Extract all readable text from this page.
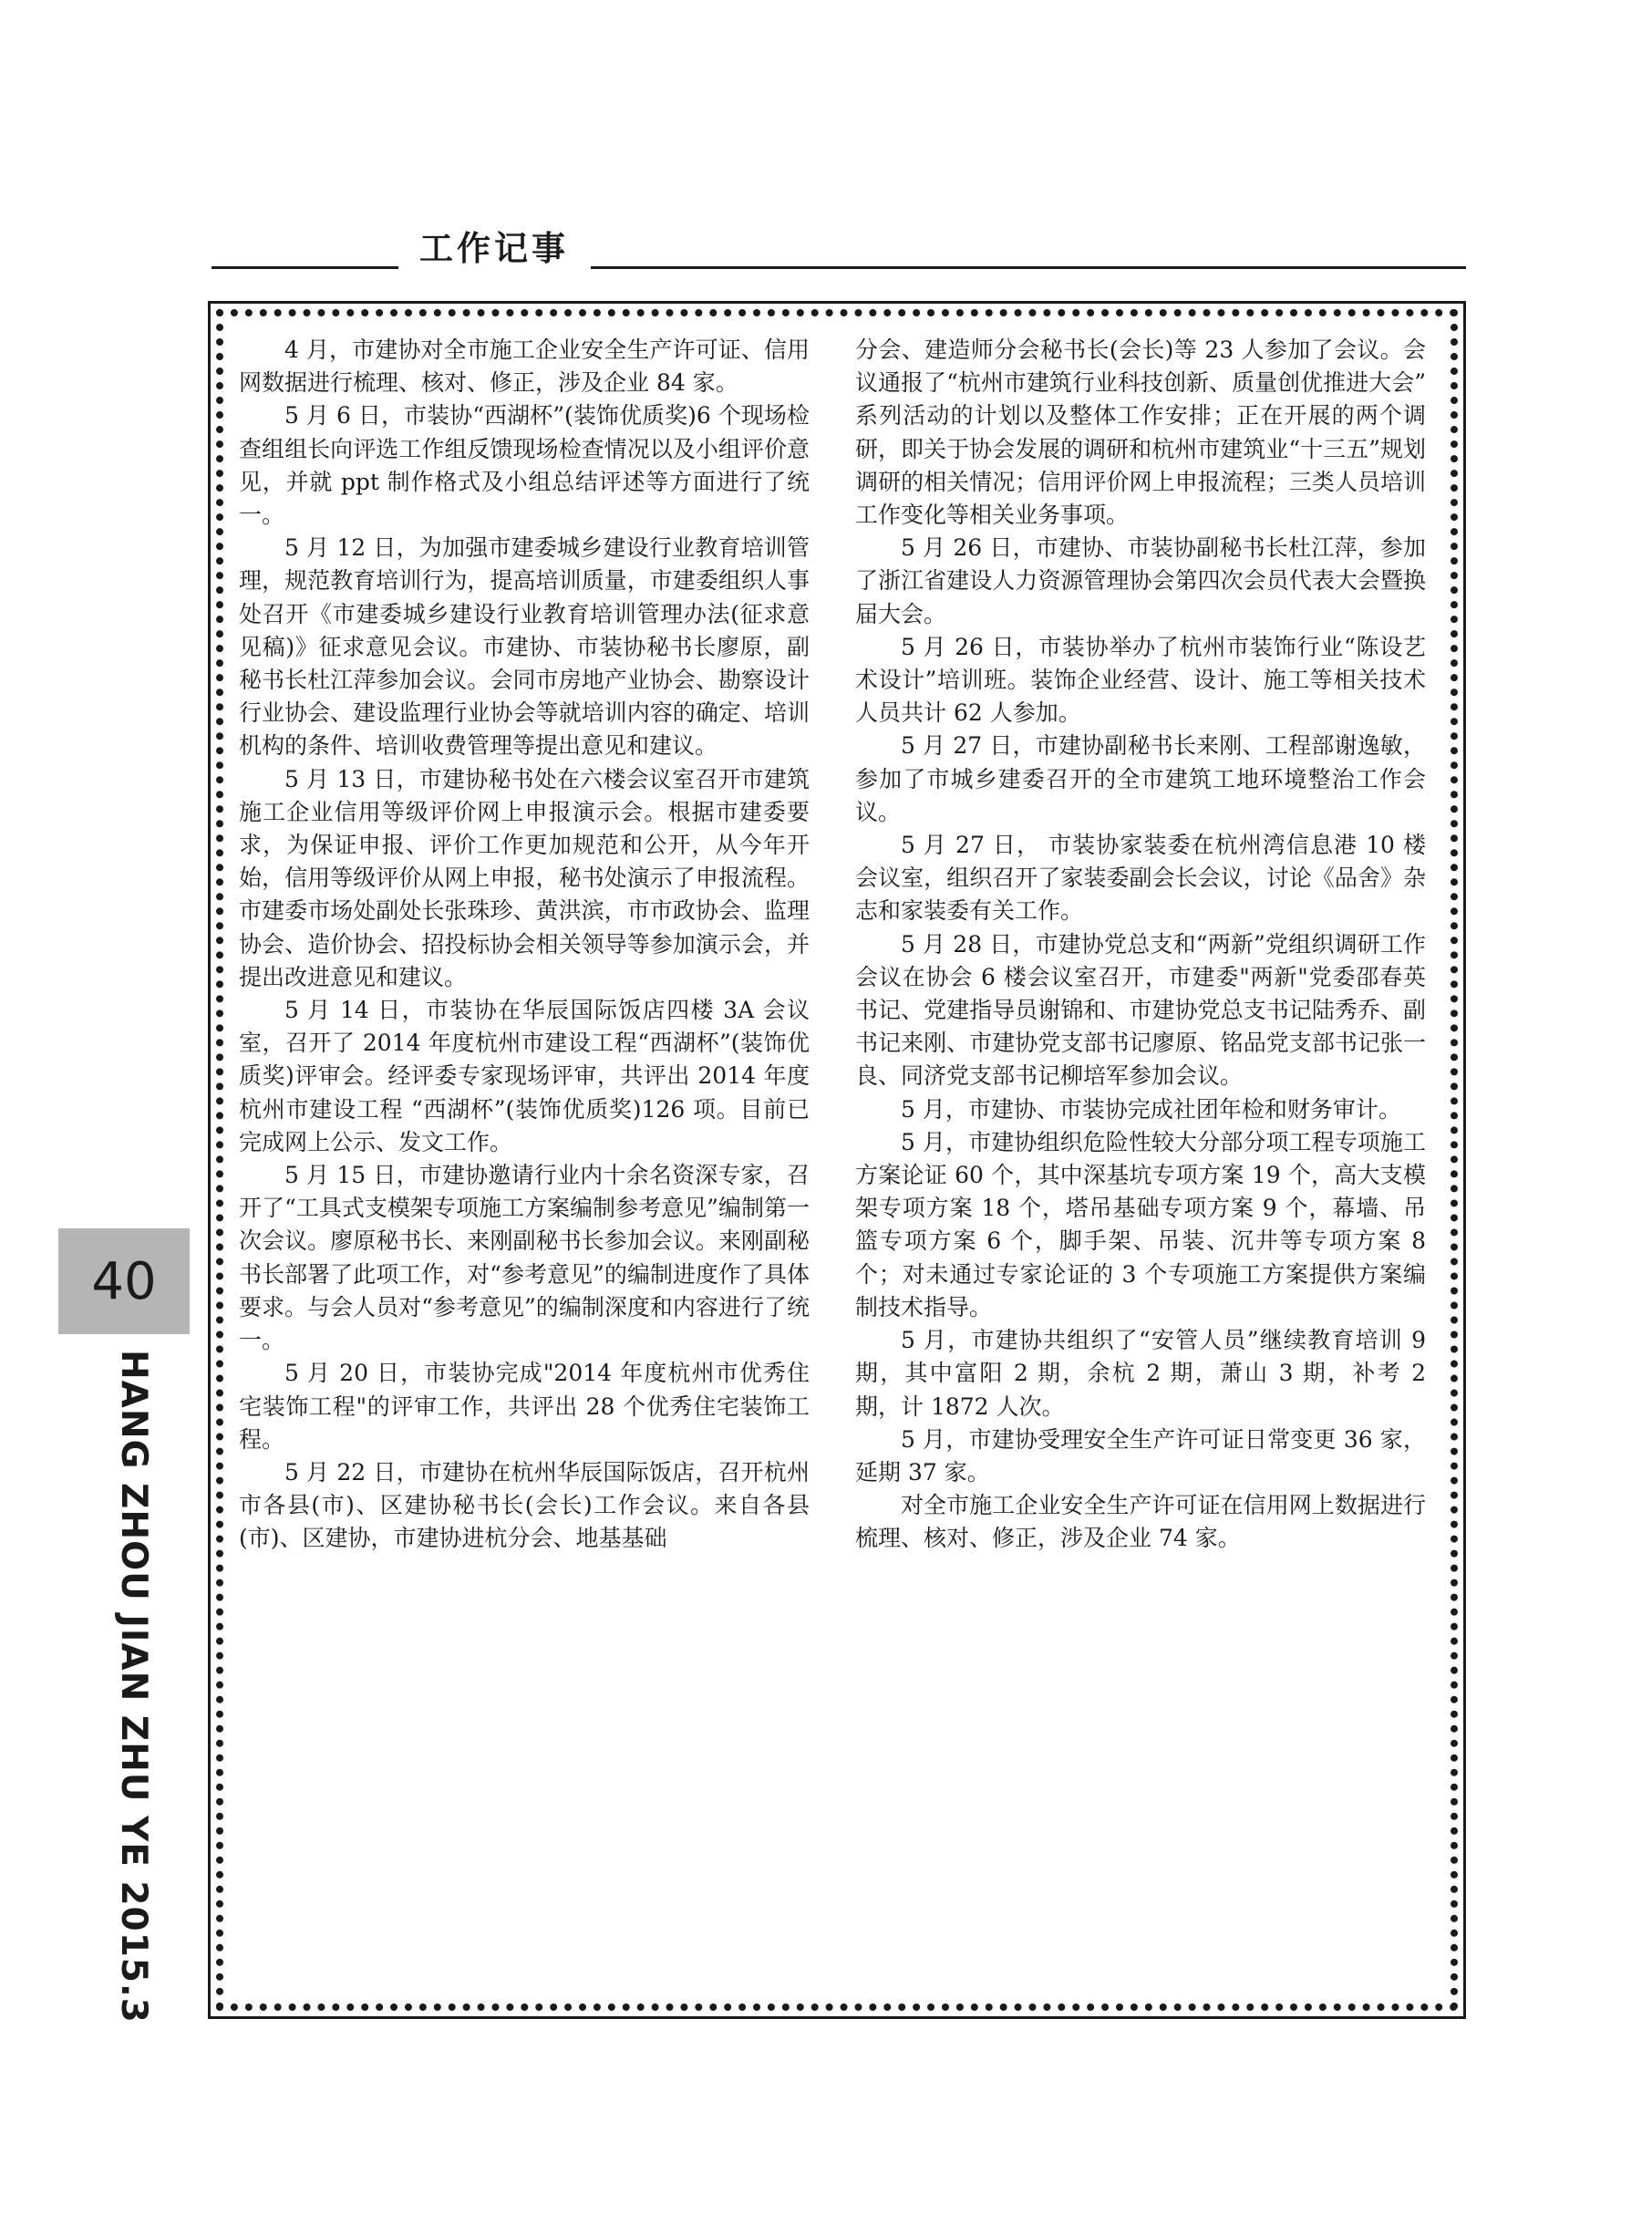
工作记事

4 月，市建协对全市施工企业安全生产许可证、信用网数据进行梳理、核对、修正，涉及企业 84 家。

5 月 6 日，市装协“西湖杯”(装饰优质奖)6 个现场检查组组长向评选工作组反馈现场检查情况以及小组评价意见，并就 ppt 制作格式及小组总结评述等方面进行了统一。

5 月 12 日，为加强市建委城乡建设行业教育培训管理，规范教育培训行为，提高培训质量，市建委组织人事处召开《市建委城乡建设行业教育培训管理办法(征求意见稿)》征求意见会议。市建协、市装协秘书长廖原，副秘书长杜江萍参加会议。会同市房地产业协会、勘察设计行业协会、建设监理行业协会等就培训内容的确定、培训机构的条件、培训收费管理等提出意见和建议。

5 月 13 日，市建协秘书处在六楼会议室召开市建筑施工企业信用等级评价网上申报演示会。根据市建委要求，为保证申报、评价工作更加规范和公开，从今年开始，信用等级评价从网上申报，秘书处演示了申报流程。市建委市场处副处长张珠珍、黄洪滨，市市政协会、监理协会、造价协会、招投标协会相关领导等参加演示会，并提出改进意见和建议。

5 月 14 日，市装协在华辰国际饭店四楼 3A 会议室，召开了 2014 年度杭州市建设工程“西湖杯”(装饰优质奖)评审会。经评委专家现场评审，共评出 2014 年度杭州市建设工程 “西湖杯”(装饰优质奖)126 项。目前已完成网上公示、发文工作。

5 月 15 日，市建协邀请行业内十余名资深专家，召开了“工具式支模架专项施工方案编制参考意见”编制第一次会议。廖原秘书长、来刚副秘书长参加会议。来刚副秘书长部署了此项工作，对“参考意见”的编制进度作了具体要求。与会人员对“参考意见”的编制深度和内容进行了统一。

5 月 20 日，市装协完成"2014 年度杭州市优秀住宅装饰工程"的评审工作，共评出 28 个优秀住宅装饰工程。

5 月 22 日，市建协在杭州华辰国际饭店，召开杭州市各县(市)、区建协秘书长(会长)工作会议。来自各县(市)、区建协，市建协进杭分会、地基基础

分会、建造师分会秘书长(会长)等 23 人参加了会议。会议通报了“杭州市建筑行业科技创新、质量创优推进大会” 系列活动的计划以及整体工作安排；正在开展的两个调研，即关于协会发展的调研和杭州市建筑业“十三五”规划调研的相关情况；信用评价网上申报流程；三类人员培训工作变化等相关业务事项。

5 月 26 日，市建协、市装协副秘书长杜江萍，参加了浙江省建设人力资源管理协会第四次会员代表大会暨换届大会。

5 月 26 日，市装协举办了杭州市装饰行业“陈设艺术设计”培训班。装饰企业经营、设计、施工等相关技术人员共计 62 人参加。

5 月 27 日，市建协副秘书长来刚、工程部谢逸敏，参加了市城乡建委召开的全市建筑工地环境整治工作会议。

5 月 27 日， 市装协家装委在杭州湾信息港 10 楼会议室，组织召开了家装委副会长会议，讨论《品舍》杂志和家装委有关工作。

5 月 28 日，市建协党总支和“两新”党组织调研工作会议在协会 6 楼会议室召开，市建委"两新"党委邵春英书记、党建指导员谢锦和、市建协党总支书记陆秀乔、副书记来刚、市建协党支部书记廖原、铭品党支部书记张一良、同济党支部书记柳培军参加会议。

5 月，市建协、市装协完成社团年检和财务审计。

5 月，市建协组织危险性较大分部分项工程专项施工方案论证 60 个，其中深基坑专项方案 19 个，高大支模架专项方案 18 个，塔吊基础专项方案 9 个，幕墙、吊篮专项方案 6 个，脚手架、吊装、沉井等专项方案 8 个；对未通过专家论证的 3 个专项施工方案提供方案编制技术指导。

5 月，市建协共组织了“安管人员”继续教育培训 9 期，其中富阳 2 期，余杭 2 期，萧山 3 期，补考 2 期，计 1872 人次。

5 月，市建协受理安全生产许可证日常变更 36 家，延期 37 家。

对全市施工企业安全生产许可证在信用网上数据进行梳理、核对、修正，涉及企业 74 家。

40
HANG ZHOU JIAN ZHU YE 2015.3
